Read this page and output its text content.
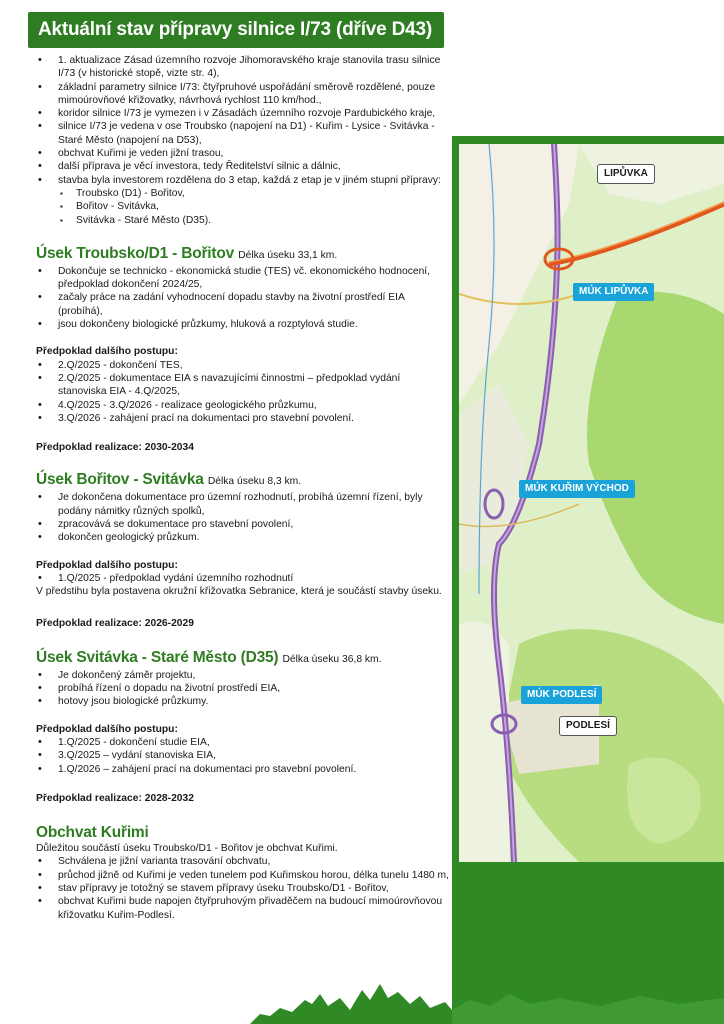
Aktuální stav přípravy silnice I/73 (dříve D43)
• 1. aktualizace Zásad územního rozvoje Jihomoravského kraje stanovila trasu silnice I/73 (v historické stopě, vizte str. 4),
• základní parametry silnice I/73: čtyřpruhové uspořádání směrově rozdělené, pouze mimoúrovňové křižovatky, návrhová rychlost 110 km/hod.,
• koridor silnice I/73 je vymezen i v Zásadách územního rozvoje Pardubického kraje,
• silnice I/73 je vedena v ose Troubsko (napojení na D1) - Kuřim - Lysice - Svitávka - Staré Město (napojení na D53),
• obchvat Kuřimi je veden jižní trasou,
• další příprava je věcí investora, tedy Ředitelství silnic a dálnic,
• stavba byla investorem rozdělena do 3 etap, každá z etap je v jiném stupni přípravy:
▪ Troubsko (D1) - Bořitov,
▪ Bořitov - Svitávka,
▪ Svitávka - Staré Město (D35).
Úsek Troubsko/D1 - Bořitov Délka úseku 33,1 km.
• Dokončuje se technicko - ekonomická studie (TES) vč. ekonomického hodnocení, předpoklad dokončení 2024/25,
• začaly práce na zadání vyhodnocení dopadu stavby na životní prostředí EIA (probíhá),
• jsou dokončeny biologické průzkumy, hluková a rozptylová studie.
Předpoklad dalšího postupu:
• 2.Q/2025 - dokončení TES,
• 2.Q/2025 - dokumentace EIA s navazujícími činnostmi – předpoklad vydání stanoviska EIA - 4.Q/2025,
• 4.Q/2025 - 3.Q/2026 - realizace geologického průzkumu,
• 3.Q/2026 - zahájení prací na dokumentaci pro stavební povolení.
Předpoklad realizace: 2030-2034
Úsek Bořitov - Svitávka Délka úseku 8,3 km.
• Je dokončena dokumentace pro územní rozhodnutí, probíhá územní řízení, byly podány námitky různých spolků,
• zpracovává se dokumentace pro stavební povolení,
• dokončen geologický průzkum.
Předpoklad dalšího postupu:
• 1.Q/2025 - předpoklad vydání územního rozhodnutí

V předstihu byla postavena okružní křižovatka Sebranice, která je součástí stavby úseku.

Předpoklad realizace: 2026-2029
Úsek Svitávka - Staré Město (D35) Délka úseku 36,8 km.
• Je dokončený záměr projektu,
• probíhá řízení o dopadu na životní prostředí EIA,
• hotovy jsou biologické průzkumy.
Předpoklad dalšího postupu:
• 1.Q/2025 - dokončení studie EIA,
• 3.Q/2025 – vydání stanoviska EIA,
• 1.Q/2026 – zahájení prací na dokumentaci pro stavební povolení.
Předpoklad realizace: 2028-2032
Obchvat Kuřimi

Důležitou součástí úseku Troubsko/D1 - Bořitov je obchvat Kuřimi.

• Schválena je jižní varianta trasování obchvatu,
• průchod jižně od Kuřimi je veden tunelem pod Kuřimskou horou, délka tunelu 1480 m,
• stav přípravy je totožný se stavem přípravy úseku Troubsko/D1 - Bořitov,
• obchvat Kuřimi bude napojen čtyřpruhovým přivaděčem na budoucí mimoúrovňovou křižovatku Kuřim-Podlesí.
LIPŮVKA
MÚK LIPŮVKA
MÚK KUŘIM VÝCHOD
MÚK PODLESÍ
PODLESÍ
